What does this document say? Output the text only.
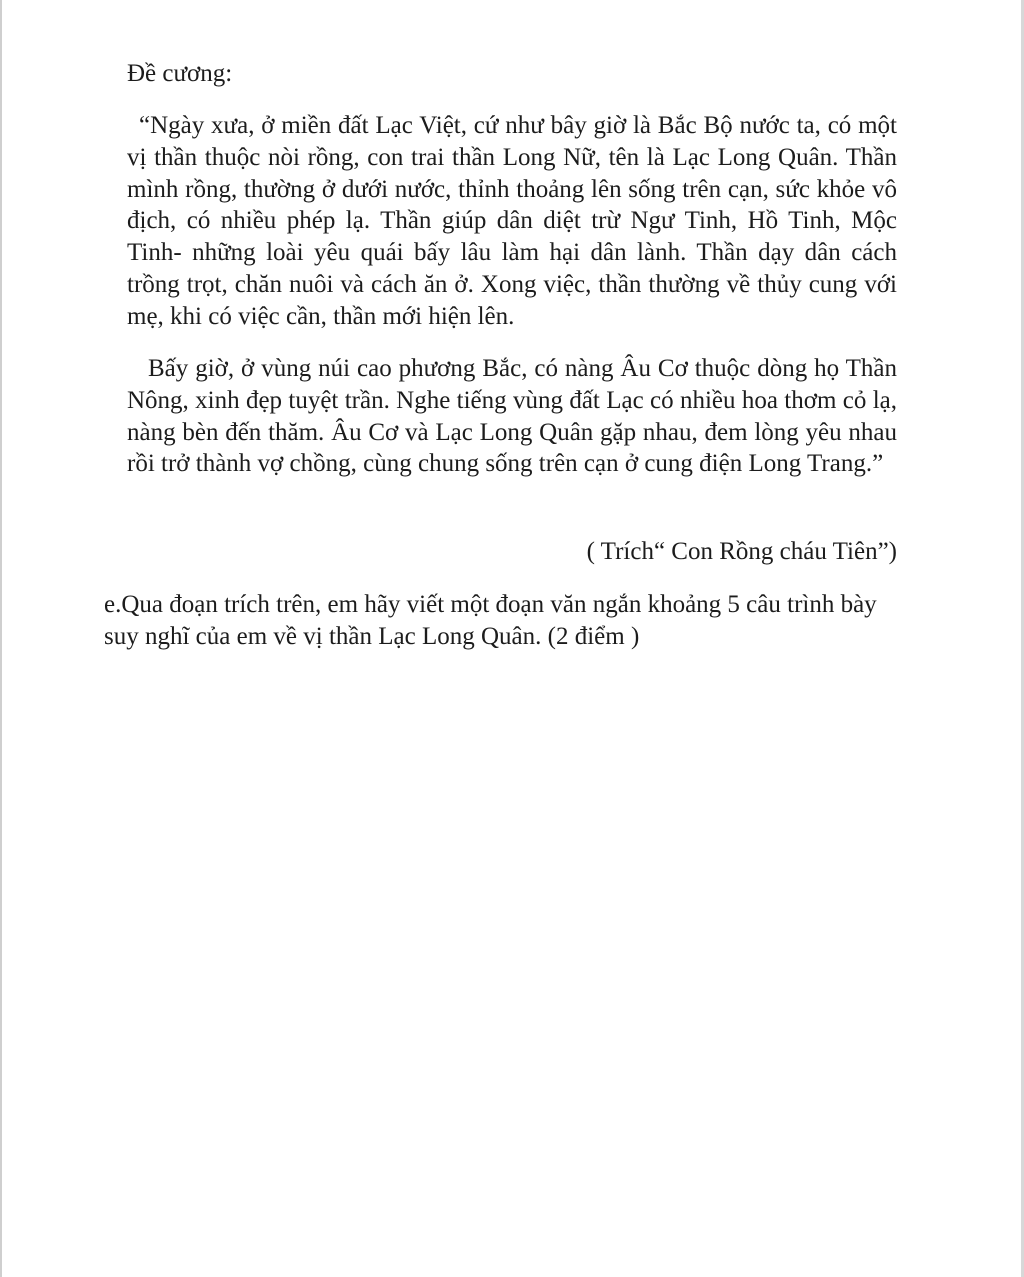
Đề cương:

“Ngày xưa, ở miền đất Lạc Việt, cứ như bây giờ là Bắc Bộ nước ta, có một vị thần thuộc nòi rồng, con trai thần Long Nữ, tên là Lạc Long Quân. Thần mình rồng, thường ở dưới nước, thỉnh thoảng lên sống trên cạn, sức khỏe vô địch, có nhiều phép lạ. Thần giúp dân diệt trừ Ngư Tinh, Hồ Tinh, Mộc Tinh- những loài yêu quái bấy lâu làm hại dân lành. Thần dạy dân cách trồng trọt, chăn nuôi và cách ăn ở. Xong việc, thần thường về thủy cung với mẹ, khi có việc cần, thần mới hiện lên.

Bấy giờ, ở vùng núi cao phương Bắc, có nàng Âu Cơ thuộc dòng họ Thần Nông, xinh đẹp tuyệt trần. Nghe tiếng vùng đất Lạc có nhiều hoa thơm cỏ lạ, nàng bèn đến thăm. Âu Cơ và Lạc Long Quân gặp nhau, đem lòng yêu nhau rồi trở thành vợ chồng, cùng chung sống trên cạn ở cung điện Long Trang.”

( Trích“ Con Rồng cháu Tiên”)

e.Qua đoạn trích trên, em hãy viết một đoạn văn ngắn khoảng 5 câu trình bày suy nghĩ của em về vị thần Lạc Long Quân. (2 điểm )
